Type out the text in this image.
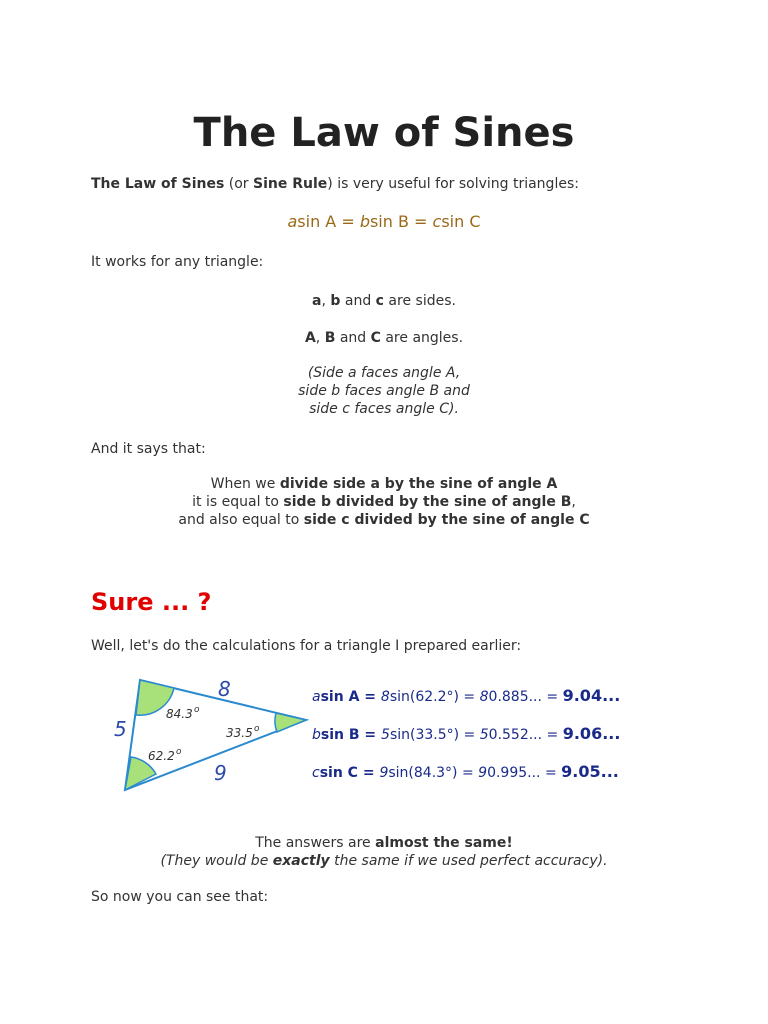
The Law of Sines

The Law of Sines (or Sine Rule) is very useful for solving triangles:

asin A = bsin B = csin C

It works for any triangle:

a, b and c are sides.

A, B and C are angles.

(Side a faces angle A,
side b faces angle B and
side c faces angle C).

And it says that:

When we divide side a by the sine of angle A
it is equal to side b divided by the sine of angle B,
and also equal to side c divided by the sine of angle C

Sure ... ?

Well, let's do the calculations for a triangle I prepared earlier:

8
5
9
84.3 o
33.5 o
62.2 o
asin A = 8sin(62.2°) = 80.885... = 9.04...
bsin B = 5sin(33.5°) = 50.552... = 9.06...
csin C = 9sin(84.3°) = 90.995... = 9.05...

The answers are almost the same!

(They would be exactly the same if we used perfect accuracy).

So now you can see that:
